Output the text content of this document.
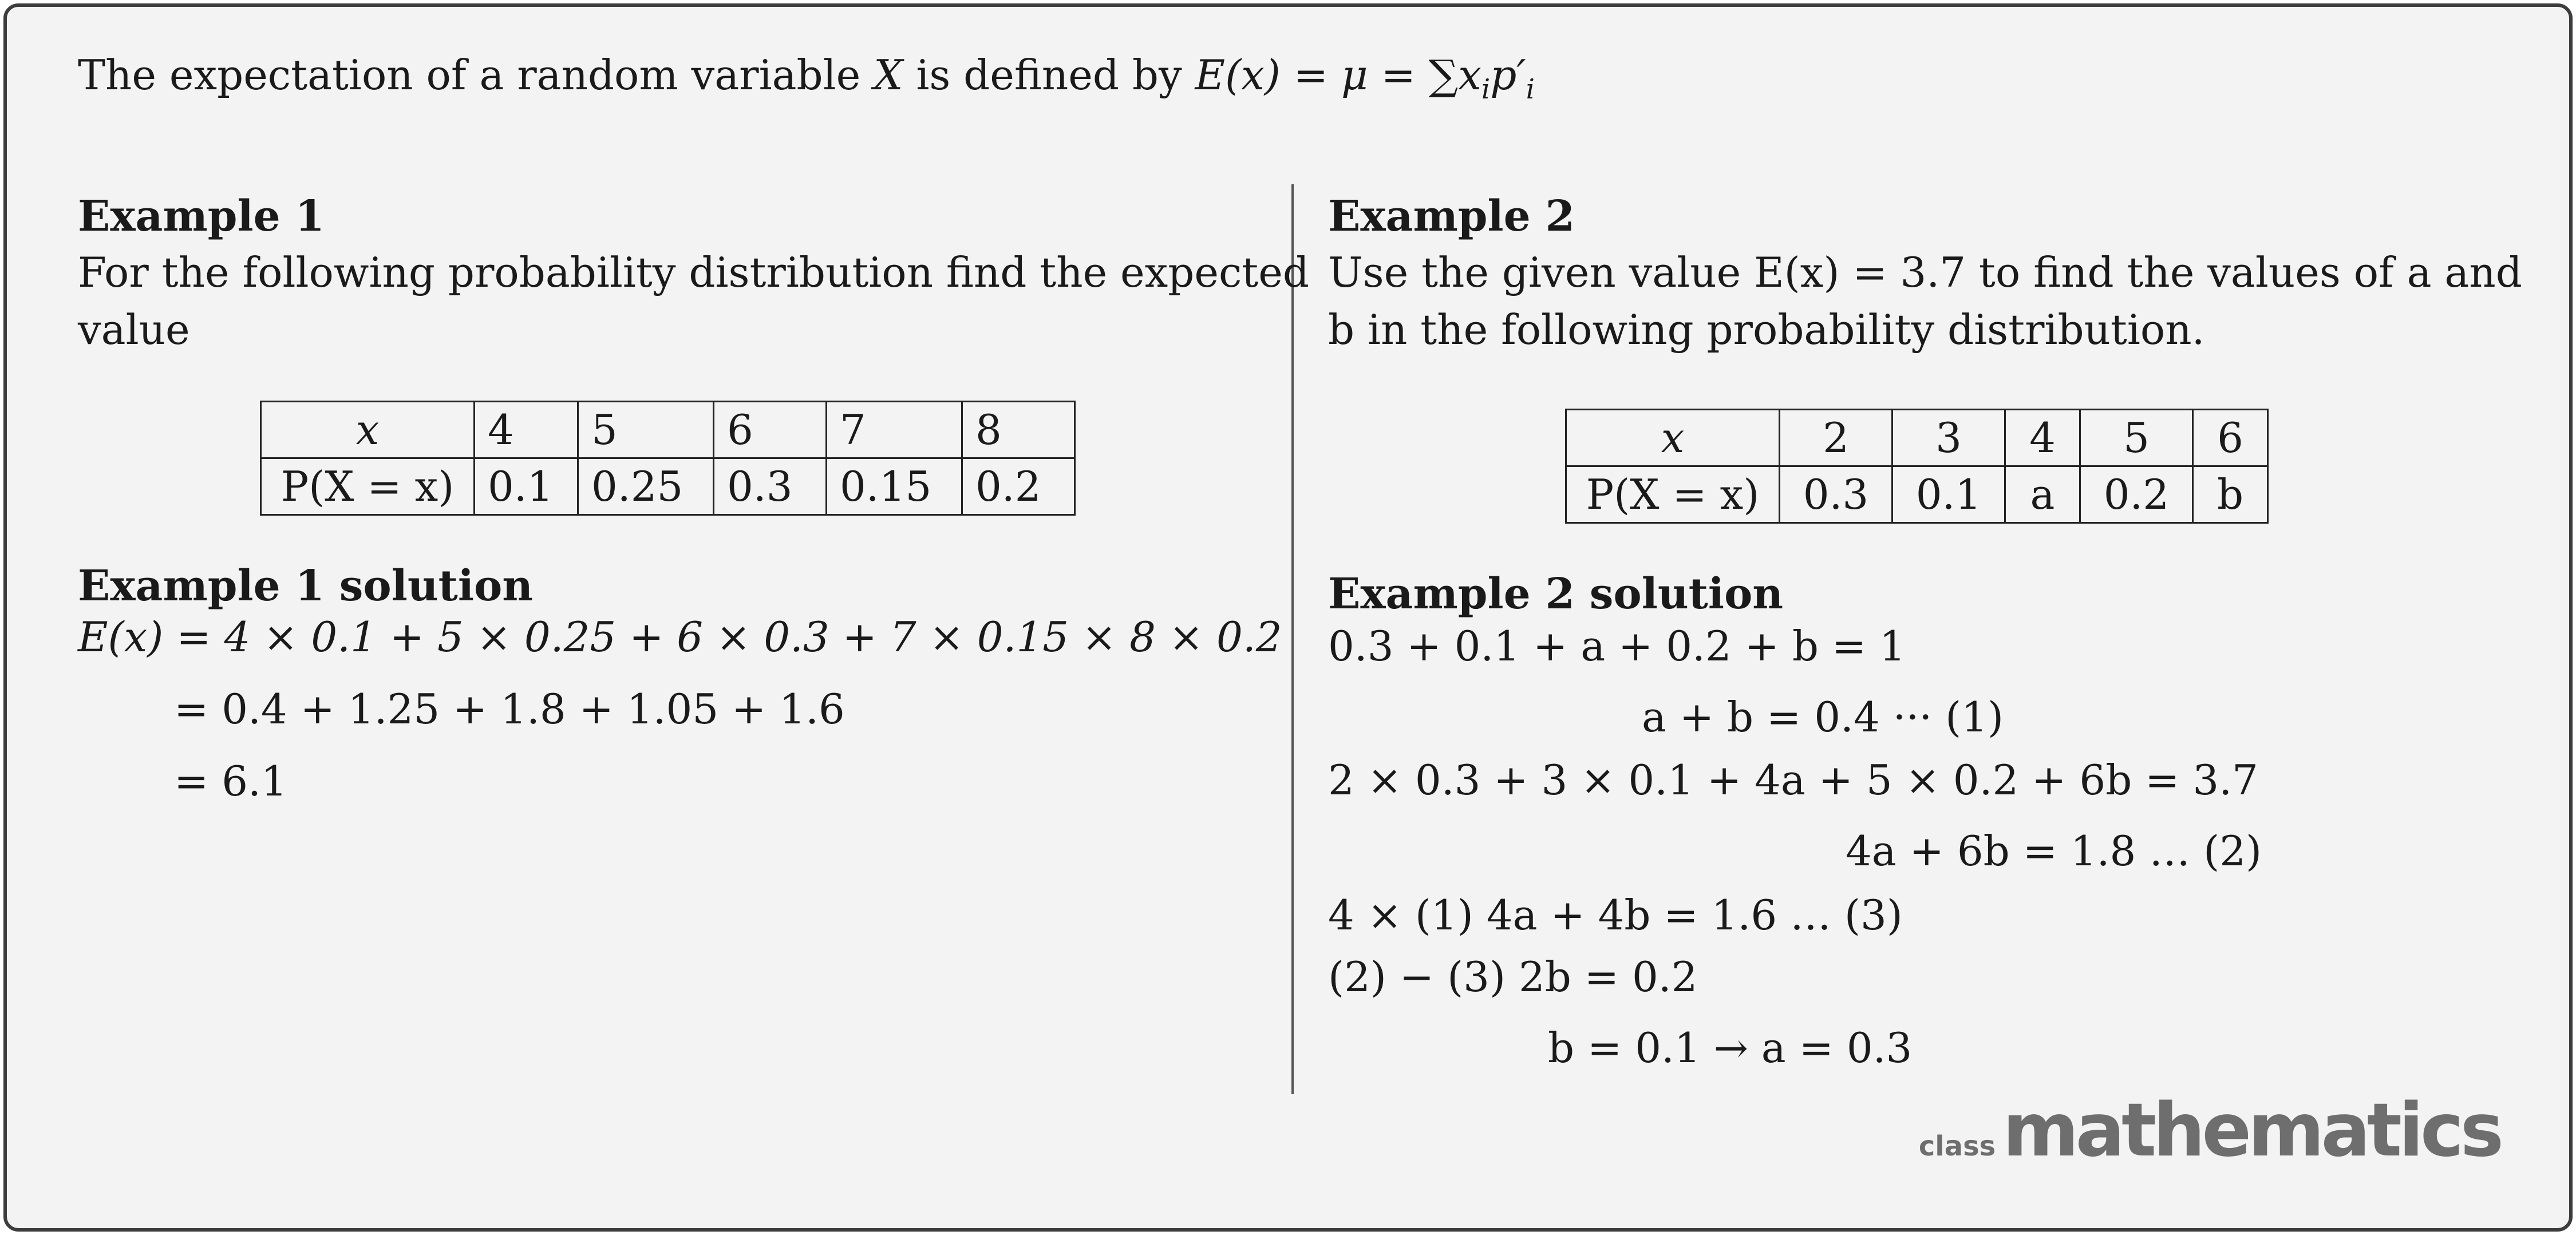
The expectation of a random variable X is defined by $E(x) = \mu = \sum x_ip'_i$
Example 1

For the following probability distribution find the expected
value

x	4	5	6	7	8
P(X = x)	0.1	0.25	0.3	0.15	0.2
Example 1 solution
E(x) = 4 × 0.1 + 5 × 0.25 + 6 × 0.3 + 7 × 0.15 × 8 × 0.2
= 0.4 + 1.25 + 1.8 + 1.05 + 1.6
= 6.1
Example 2

Use the given value E(x) = 3.7 to find the values of a and
b in the following probability distribution.

x	2	3	4	5	6
P(X = x)	0.3	0.1	a	0.2	b
Example 2 solution
0.3 + 0.1 + a + 0.2 + b = 1
a + b = 0.4 ··· (1)
2 × 0.3 + 3 × 0.1 + 4a + 5 × 0.2 + 6b = 3.7
4a + 6b = 1.8 … (2)
4 × (1) 4a + 4b = 1.6 … (3)
(2) − (3) 2b = 0.2
b = 0.1 → a = 0.3
classmathematics
